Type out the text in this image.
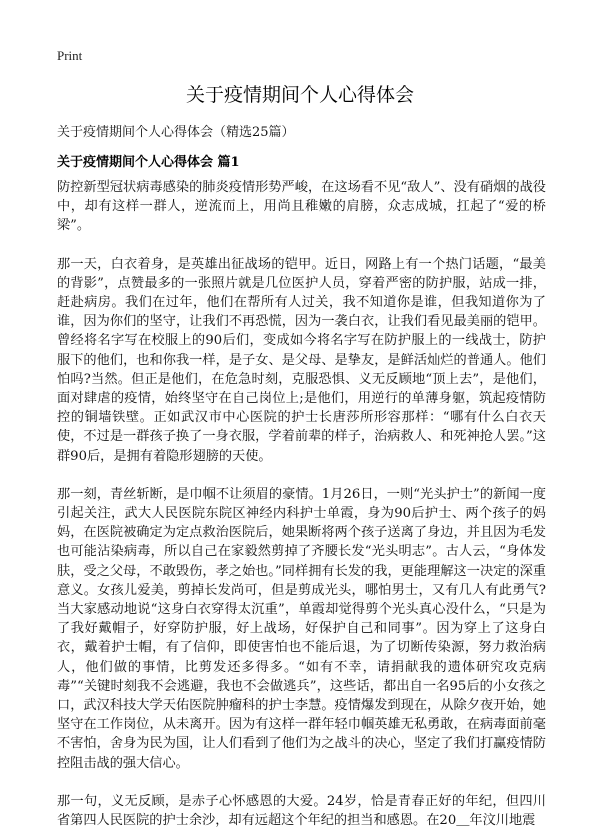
Print
关于疫情期间个人心得体会
关于疫情期间个人心得体会（精选25篇）
关于疫情期间个人心得体会 篇1

防控新型冠状病毒感染的肺炎疫情形势严峻，在这场看不见“敌人”、没有硝烟的战役中，却有这样一群人，逆流而上，用尚且稚嫩的肩膀，众志成城，扛起了“爱的桥梁”。

那一天，白衣着身，是英雄出征战场的铠甲。近日，网路上有一个热门话题，“最美的背影”，点赞最多的一张照片就是几位医护人员，穿着严密的防护服，站成一排，赶赴病房。我们在过年，他们在帮所有人过关，我不知道你是谁，但我知道你为了谁，因为你们的坚守，让我们不再恐慌，因为一袭白衣，让我们看见最美丽的铠甲。曾经将名字写在校服上的90后们，变成如今将名字写在防护服上的一线战士，防护服下的他们，也和你我一样，是子女、是父母、是挚友，是鲜活灿烂的普通人。他们怕吗?当然。但正是他们，在危急时刻，克服恐惧、义无反顾地“顶上去”，是他们，面对肆虐的疫情，始终坚守在自己岗位上;是他们，用逆行的单薄身躯，筑起疫情防控的铜墙铁壁。正如武汉市中心医院的护士长唐莎所形容那样：“哪有什么白衣天使，不过是一群孩子换了一身衣服，学着前辈的样子，治病救人、和死神抢人罢。”这群90后，是拥有着隐形翅膀的天使。

那一刻，青丝斩断，是巾帼不让须眉的豪情。1月26日，一则“光头护士”的新闻一度引起关注，武大人民医院东院区神经内科护士单霞，身为90后护士、两个孩子的妈妈，在医院被确定为定点救治医院后，她果断将两个孩子送离了身边，并且因为毛发也可能沾染病毒，所以自己在家毅然剪掉了齐腰长发“光头明志”。古人云，“身体发肤，受之父母，不敢毁伤，孝之始也。”同样拥有长发的我，更能理解这一决定的深重意义。女孩儿爱美，剪掉长发尚可，但是剪成光头，哪怕男士，又有几人有此勇气?当大家感动地说“这身白衣穿得太沉重”，单霞却觉得剪个光头真心没什么，“只是为了我好戴帽子，好穿防护服，好上战场，好保护自己和同事”。因为穿上了这身白衣，戴着护士帽，有了信仰，即使害怕也不能后退，为了切断传染源，努力救治病人，他们做的事情，比剪发还多得多。“如有不幸，请捐献我的遗体研究攻克病毒”“关键时刻我不会逃避，我也不会做逃兵”，这些话，都出自一名95后的小女孩之口，武汉科技大学天佑医院肿瘤科的护士李慧。疫情爆发到现在，从除夕夜开始，她坚守在工作岗位，从未离开。因为有这样一群年轻巾帼英雄无私勇敢，在病毒面前毫不害怕，舍身为民为国，让人们看到了他们为之战斗的决心，坚定了我们打赢疫情防控阻击战的强大信心。

那一句，义无反顾，是赤子心怀感恩的大爱。24岁，恰是青春正好的年纪，但四川省第四人民医院的护士余沙，却有远超这个年纪的担当和感恩。在20＿年汶川地震
